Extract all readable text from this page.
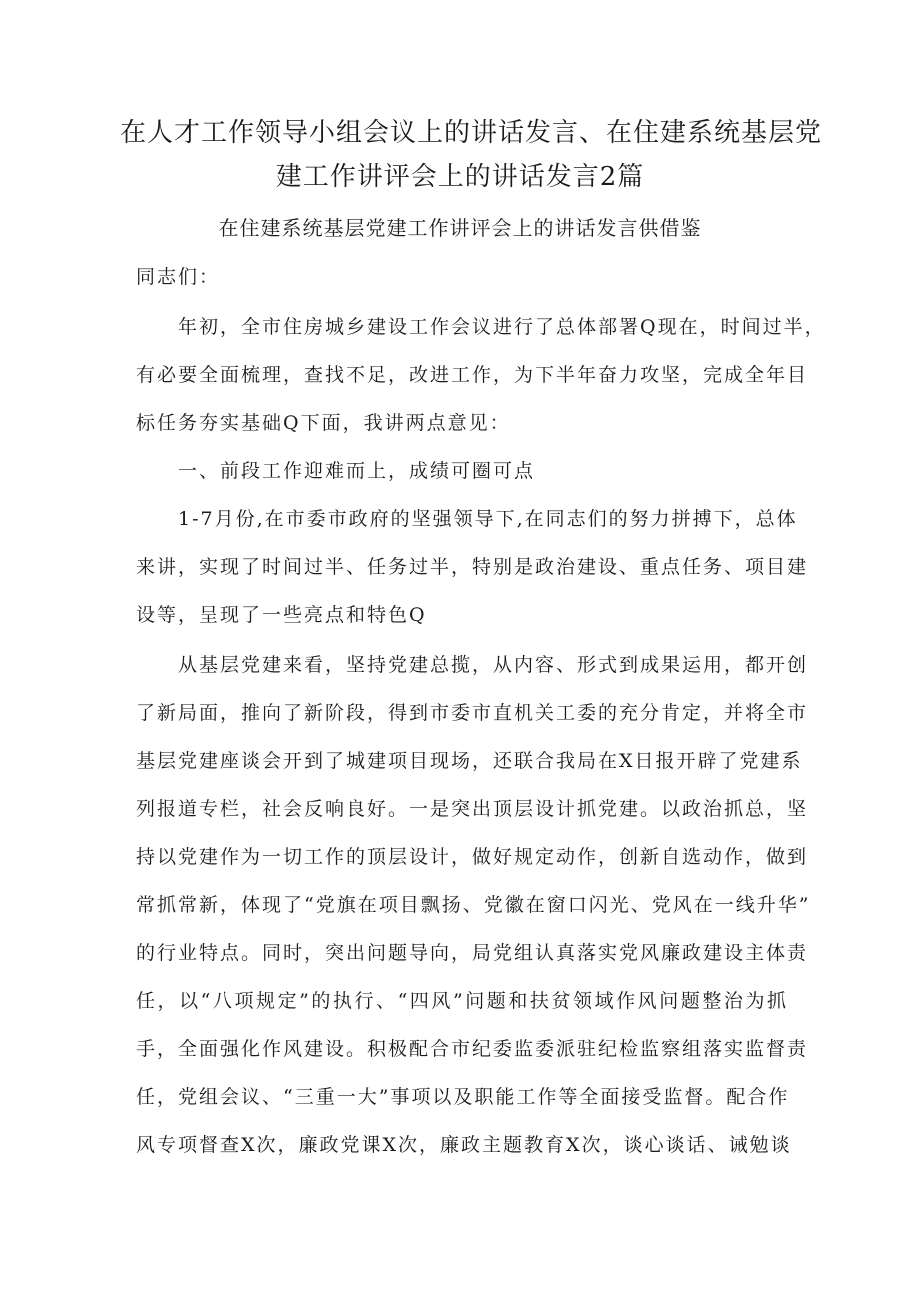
在人才工作领导小组会议上的讲话发言、在住建系统基层党
建工作讲评会上的讲话发言2篇
在住建系统基层党建工作讲评会上的讲话发言供借鉴
同志们：
年初，全市住房城乡建设工作会议进行了总体部署Q现在，时间过半，
有必要全面梳理，查找不足，改进工作，为下半年奋力攻坚，完成全年目
标任务夯实基础Q下面，我讲两点意见：
一、前段工作迎难而上，成绩可圈可点
1-7月份,在市委市政府的坚强领导下,在同志们的努力拼搏下，总体
来讲，实现了时间过半、任务过半，特别是政治建设、重点任务、项目建
设等，呈现了一些亮点和特色Q
从基层党建来看，坚持党建总揽，从内容、形式到成果运用，都开创
了新局面，推向了新阶段，得到市委市直机关工委的充分肯定，并将全市
基层党建座谈会开到了城建项目现场，还联合我局在X日报开辟了党建系
列报道专栏，社会反响良好。一是突出顶层设计抓党建。以政治抓总，坚
持以党建作为一切工作的顶层设计，做好规定动作，创新自选动作，做到
常抓常新，体现了“党旗在项目飘扬、党徽在窗口闪光、党风在一线升华”
的行业特点。同时，突出问题导向，局党组认真落实党风廉政建设主体责
任，以“八项规定”的执行、“四风”问题和扶贫领域作风问题整治为抓
手，全面强化作风建设。积极配合市纪委监委派驻纪检监察组落实监督责
任，党组会议、“三重一大”事项以及职能工作等全面接受监督。配合作
风专项督查X次，廉政党课X次，廉政主题教育X次，谈心谈话、诫勉谈
